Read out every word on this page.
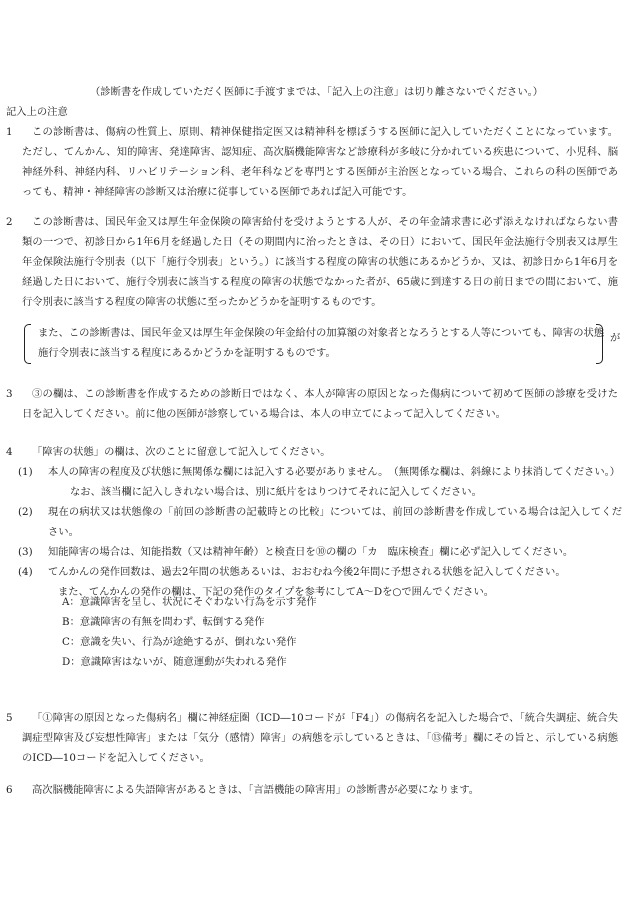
（診断書を作成していただく医師に手渡すまでは、「記入上の注意」は切り離さないでください。）
記入上の注意
1	この診断書は、傷病の性質上、原則、精神保健指定医又は精神科を標ぼうする医師に記入していただくことになっています。ただし、てんかん、知的障害、発達障害、認知症、高次脳機能障害など診療科が多岐に分かれている疾患について、小児科、脳神経外科、神経内科、リハビリテーション科、老年科などを専門とする医師が主治医となっている場合、これらの科の医師であっても、精神・神経障害の診断又は治療に従事している医師であれば記入可能です。
2	この診断書は、国民年金又は厚生年金保険の障害給付を受けようとする人が、その年金請求書に必ず添えなければならない書類の一つで、初診日から1年6月を経過した日（その期間内に治ったときは、その日）において、国民年金法施行令別表又は厚生年金保険法施行令別表（以下「施行令別表」という。）に該当する程度の障害の状態にあるかどうか、又は、初診日から1年6月を経過した日において、施行令別表に該当する程度の障害の状態でなかった者が、65歳に到達する日の前日までの間において、施行令別表に該当する程度の障害の状態に至ったかどうかを証明するものです。
また、この診断書は、国民年金又は厚生年金保険の年金給付の加算額の対象者となろうとする人等についても、障害の状態
施行令別表に該当する程度にあるかどうかを証明するものです。
が
3	③の欄は、この診断書を作成するための診断日ではなく、本人が障害の原因となった傷病について初めて医師の診療を受けた日を記入してください。前に他の医師が診察している場合は、本人の申立てによって記入してください。
4	「障害の状態」の欄は、次のことに留意して記入してください。
(1)	本人の障害の程度及び状態に無関係な欄には記入する必要がありません。　（無関係な欄は、斜線により抹消してください。）
なお、該当欄に記入しきれない場合は、別に紙片をはりつけてそれに記入してください。
(2)	現在の病状又は状態像の「前回の診断書の記載時との比較」については、前回の診断書を作成している場合は記入してください。
(3)	知能障害の場合は、知能指数（又は精神年齢）と検査日を⑩の欄の「カ　臨床検査」欄に必ず記入してください。
(4)	てんかんの発作回数は、過去2年間の状態あるいは、おおむね今後2年間に予想される状態を記入してください。
また、てんかんの発作の欄は、下記の発作のタイプを参考にしてA～Dを○で囲んでください。
A：意識障害を呈し、状況にそぐわない行為を示す発作
B：意識障害の有無を問わず、転倒する発作
C：意識を失い、行為が途絶するが、倒れない発作
D：意識障害はないが、随意運動が失われる発作
5	「①障害の原因となった傷病名」欄に神経症圏（ICD―10コードが「F4」）の傷病名を記入した場合で、「統合失調症、統合失調症型障害及び妄想性障害」または「気分（感情）障害」の病態を示しているときは、「⑬備考」欄にその旨と、示している病態のICD―10コードを記入してください。
6	高次脳機能障害による失語障害があるときは、「言語機能の障害用」の診断書が必要になります。
